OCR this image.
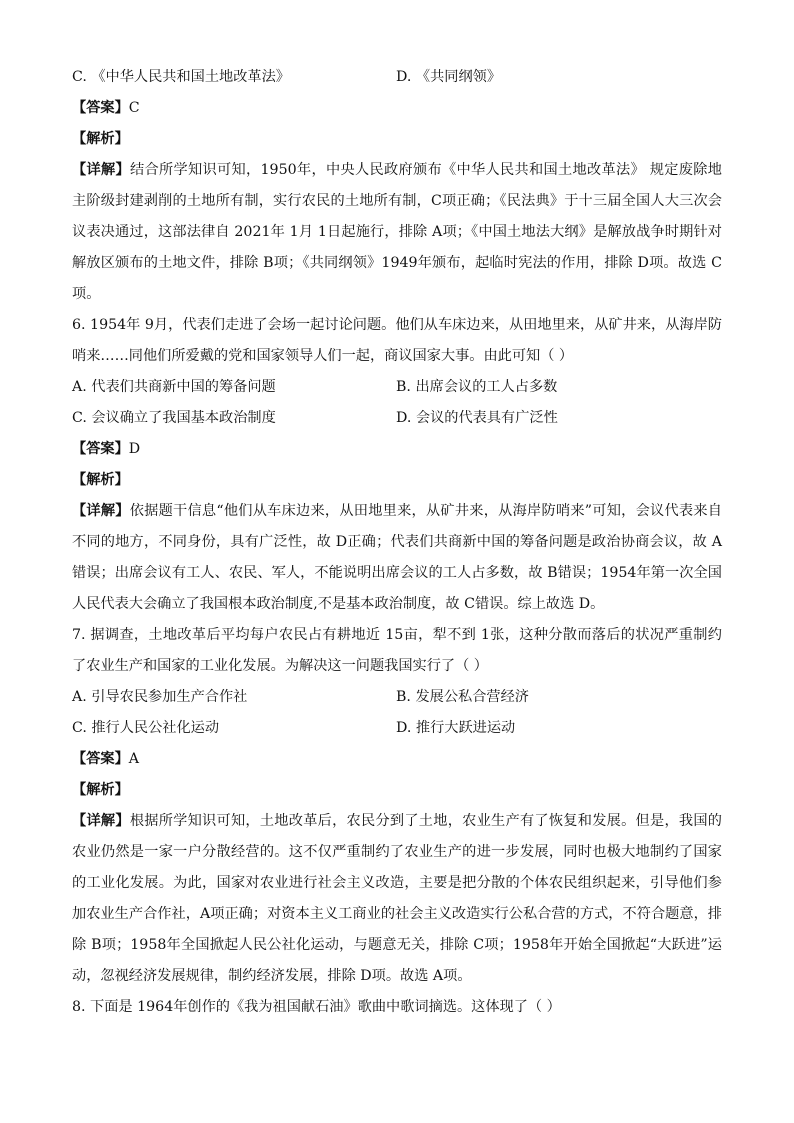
C. 《中华人民共和国土地改革法》	D. 《共同纲领》
【答案】C
【解析】

【详解】结合所学知识可知，1950年，中央人民政府颁布《中华人民共和国土地改革法》 规定废除地主阶级封建剥削的土地所有制，实行农民的土地所有制，C项正确；《民法典》于十三届全国人大三次会议表决通过，这部法律自 2021年 1月 1日起施行，排除 A项；《中国土地法大纲》是解放战争时期针对解放区颁布的土地文件，排除 B项；《共同纲领》1949年颁布，起临时宪法的作用，排除 D项。故选 C项。

6. 1954年 9月，代表们走进了会场一起讨论问题。他们从车床边来，从田地里来，从矿井来，从海岸防哨来……同他们所爱戴的党和国家领导人们一起，商议国家大事。由此可知（ ）

A. 代表们共商新中国的筹备问题	B. 出席会议的工人占多数
C. 会议确立了我国基本政治制度	D. 会议的代表具有广泛性
【答案】D
【解析】

【详解】依据题干信息“他们从车床边来，从田地里来，从矿井来，从海岸防哨来”可知，会议代表来自不同的地方，不同身份，具有广泛性，故 D正确；代表们共商新中国的筹备问题是政治协商会议，故 A错误；出席会议有工人、农民、军人，不能说明出席会议的工人占多数，故 B错误；1954年第一次全国人民代表大会确立了我国根本政治制度,不是基本政治制度，故 C错误。综上故选 D。

7. 据调查，土地改革后平均每户农民占有耕地近 15亩，犁不到 1张，这种分散而落后的状况严重制约了农业生产和国家的工业化发展。为解决这一问题我国实行了（ ）

A. 引导农民参加生产合作社	B. 发展公私合营经济
C. 推行人民公社化运动	D. 推行大跃进运动
【答案】A
【解析】

【详解】根据所学知识可知，土地改革后，农民分到了土地，农业生产有了恢复和发展。但是，我国的农业仍然是一家一户分散经营的。这不仅严重制约了农业生产的进一步发展，同时也极大地制约了国家的工业化发展。为此，国家对农业进行社会主义改造，主要是把分散的个体农民组织起来，引导他们参加农业生产合作社，A项正确；对资本主义工商业的社会主义改造实行公私合营的方式，不符合题意，排除 B项；1958年全国掀起人民公社化运动，与题意无关，排除 C项；1958年开始全国掀起“大跃进”运动，忽视经济发展规律，制约经济发展，排除 D项。故选 A项。

8. 下面是 1964年创作的《我为祖国献石油》歌曲中歌词摘选。这体现了（ ）
